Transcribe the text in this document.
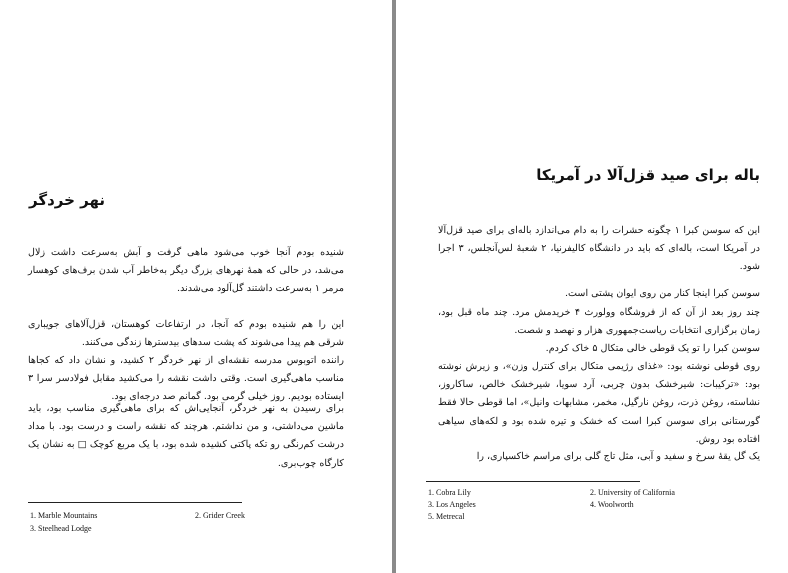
نهر خردگر

شنیده بودم آنجا خوب می‌شود ماهی گرفت و آبش به‌سرعت داشت زلال می‌شد، در حالی که همهٔ نهرهای بزرگ دیگر به‌خاطر آب شدن برف‌های کوهسار مرمر ۱ به‌سرعت داشتند گل‌آلود می‌شدند.

این را هم شنیده بودم که آنجا، در ارتفاعات کوهستان، قزل‌آلاهای جویباری شرقی هم پیدا می‌شوند که پشت سدهای بیدسترها زندگی می‌کنند.

راننده اتوبوس مدرسه نقشه‌ای از نهر خردگر ۲ کشید، و نشان داد که کجاها مناسب ماهی‌گیری است. وقتی داشت نقشه را می‌کشید مقابل فولادسر سرا ۳ ایستاده بودیم. روز خیلی گرمی بود. گمانم صد درجه‌ای بود.

برای رسیدن به نهر خردگر، آنجایی‌اش که برای ماهی‌گیری مناسب بود، باید ماشین می‌داشتی، و من نداشتم. هرچند که نقشه راست و درست بود. با مداد درشت کم‌رنگی رو تکه پاکتی کشیده شده بود، با یک مربع کوچک □ به نشان یک کارگاه چوب‌بری.

1. Marble Mountains	2. Grider Creek
3. Steelhead Lodge
باله برای صید قزل‌آلا در آمریکا

این که سوسن کبرا ۱ چگونه حشرات را به دام می‌اندازد باله‌ای برای صید قزل‌آلا در آمریکا است، باله‌ای که باید در دانشگاه کالیفرنیا، ۲ شعبهٔ لس‌آنجلس، ۳ اجرا شود.

سوسن کبرا اینجا کنار من روی ایوان پشتی است.

چند روز بعد از آن که از فروشگاه وولورث ۴ خریدمش مرد. چند ماه قبل بود، زمان برگزاری انتخابات ریاست‌جمهوری هزار و نهصد و شصت.

سوسن کبرا را تو یک قوطی خالی متکال ۵ خاک کردم.

روی قوطی نوشته بود: «غذای رژیمی متکال برای کنترل وزن»، و زیرش نوشته بود: «ترکیبات: شیرخشک بدون چربی، آرد سویا، شیرخشک خالص، ساکاروز، نشاسته، روغن ذرت، روغن نارگیل، مخمر، مشابهات وانیل»، اما قوطی حالا فقط گورستانی برای سوسن کبرا است که خشک و تیره شده بود و لکه‌های سیاهی افتاده بود روش.

یک گل یقهٔ سرخ و سفید و آبی، مثل تاج گلی برای مراسم خاکسپاری، را

1. Cobra Lily	2. University of California
3. Los Angeles	4. Woolworth
5. Metrecal
